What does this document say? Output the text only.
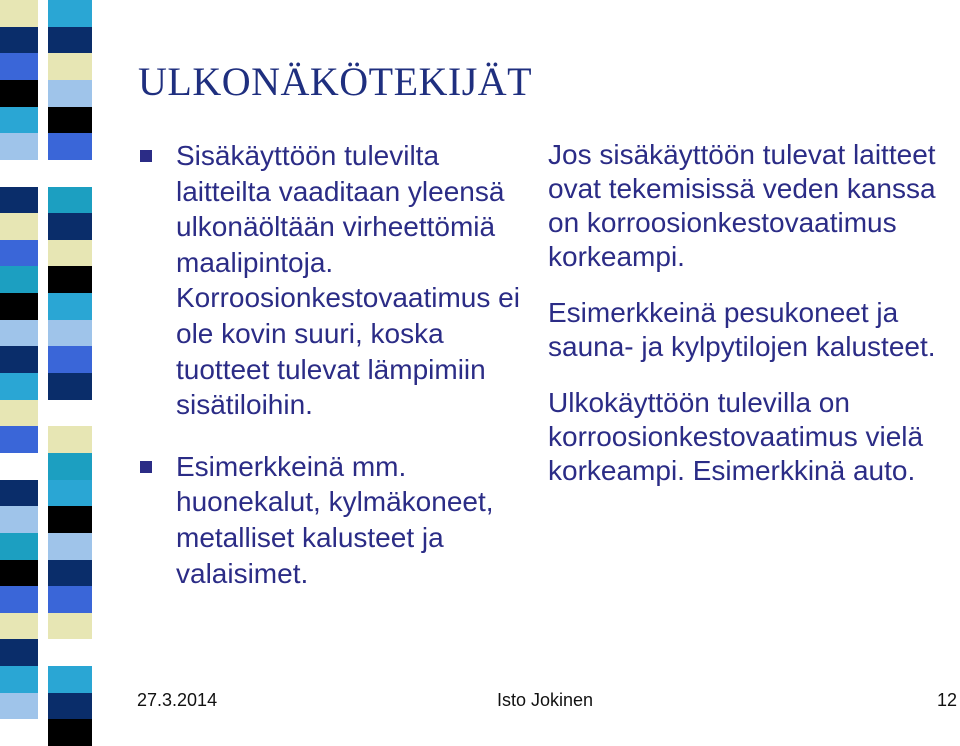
ULKONÄKÖTEKIJÄT
Sisäkäyttöön tulevilta laitteilta vaaditaan yleensä ulkonäöltään virheettömiä maalipintoja. Korroosionkestovaatimus ei ole kovin suuri, koska tuotteet tulevat lämpimiin sisätiloihin.
Esimerkkeinä mm. huonekalut, kylmäkoneet, metalliset kalusteet ja valaisimet.

Jos sisäkäyttöön tulevat laitteet ovat tekemisissä veden kanssa on korroosionkestovaatimus korkeampi.

Esimerkkeinä pesukoneet ja sauna- ja kylpytilojen kalusteet.

Ulkokäyttöön tulevilla on korroosionkestovaatimus vielä korkeampi. Esimerkkinä auto.

27.3.2014	Isto Jokinen	12
